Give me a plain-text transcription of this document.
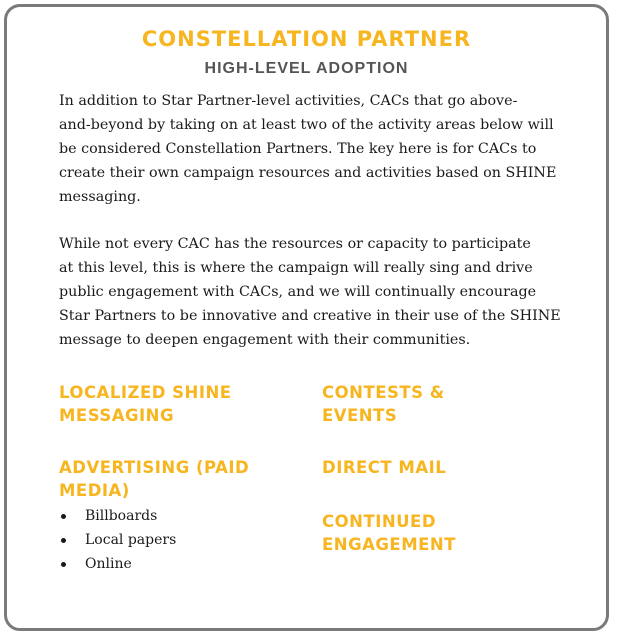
CONSTELLATION PARTNER
HIGH-LEVEL ADOPTION

In addition to Star Partner-level activities, CACs that go above-
and-beyond by taking on at least two of the activity areas below will
be considered Constellation Partners. The key here is for CACs to
create their own campaign resources and activities based on SHINE
messaging.

While not every CAC has the resources or capacity to participate
at this level, this is where the campaign will really sing and drive
public engagement with CACs, and we will continually encourage
Star Partners to be innovative and creative in their use of the SHINE
message to deepen engagement with their communities.

LOCALIZED SHINE
MESSAGING
ADVERTISING (PAID
MEDIA)
Billboards
Local papers
Online
CONTESTS &
EVENTS
DIRECT MAIL
CONTINUED
ENGAGEMENT
